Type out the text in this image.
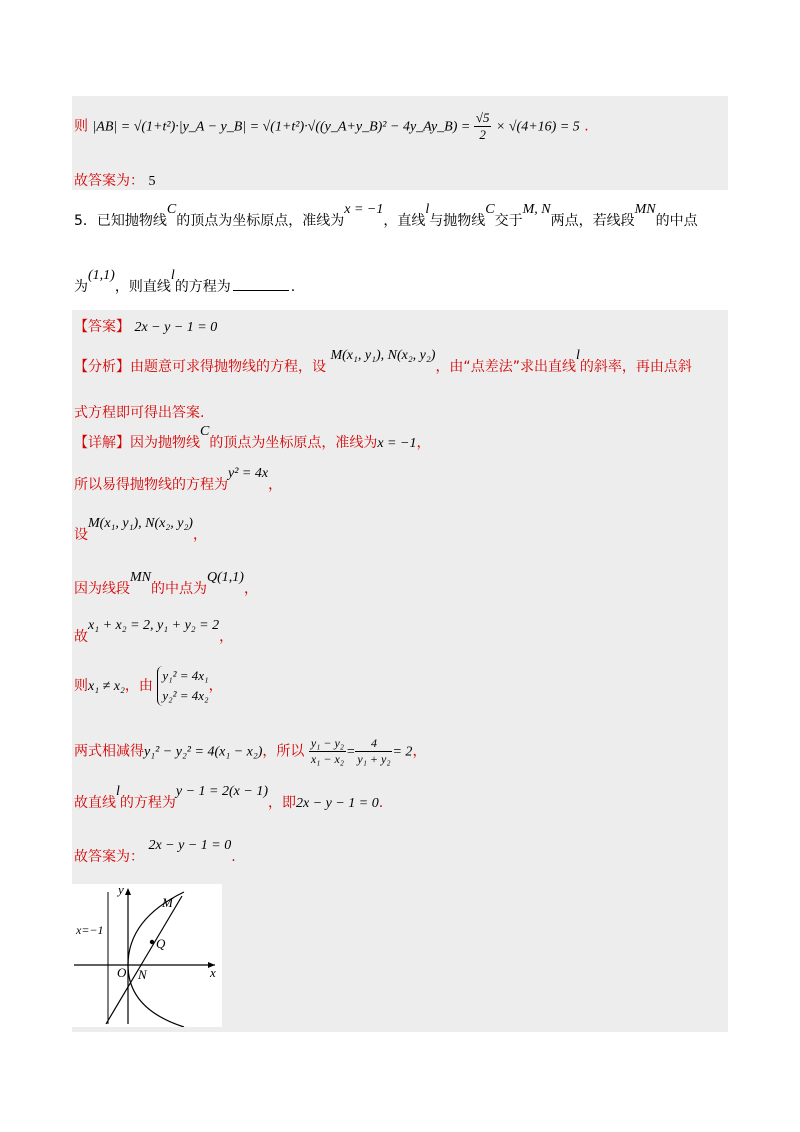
则 |AB| = √(1+t²)·|y_A − y_B| = √(1+t²)·√((y_A+y_B)² − 4y_Ay_B) = $\frac{√5}{2} \times √(4+16) = 5$ .
故答案为： 5
5．已知抛物线C的顶点为坐标原点，准线为x = −1，直线l与抛物线C交于M, N两点，若线段MN的中点
为(1,1)，则直线l的方程为	.
【答案】 2x − y − 1 = 0
【分析】由题意可求得抛物线的方程，设 M(x₁, y₁), N(x₂, y₂)，由“点差法”求出直线l的斜率，再由点斜
式方程即可得出答案.
【详解】因为抛物线C的顶点为坐标原点，准线为x = −1，
所以易得抛物线的方程为y² = 4x，
设M(x₁, y₁), N(x₂, y₂)，
因为线段MN的中点为Q(1,1)，
故x₁ + x₂ = 2, y₁ + y₂ = 2，
则x₁ ≠ x₂，由
y₁² = 4x₁
y₂² = 4x₂
，
两式相减得y₁² − y₂² = 4(x₁ − x₂)，所以 $\frac{\text{y₁ − y₂}}{\text{x₁ − x₂}} = \frac{4}{\text{y₁ + y₂}} = 2$，
故直线l的方程为y − 1 = 2(x − 1)，即2x − y − 1 = 0.
故答案为： 2x − y − 1 = 0.
M
Q
O N
y
x
x=−1
